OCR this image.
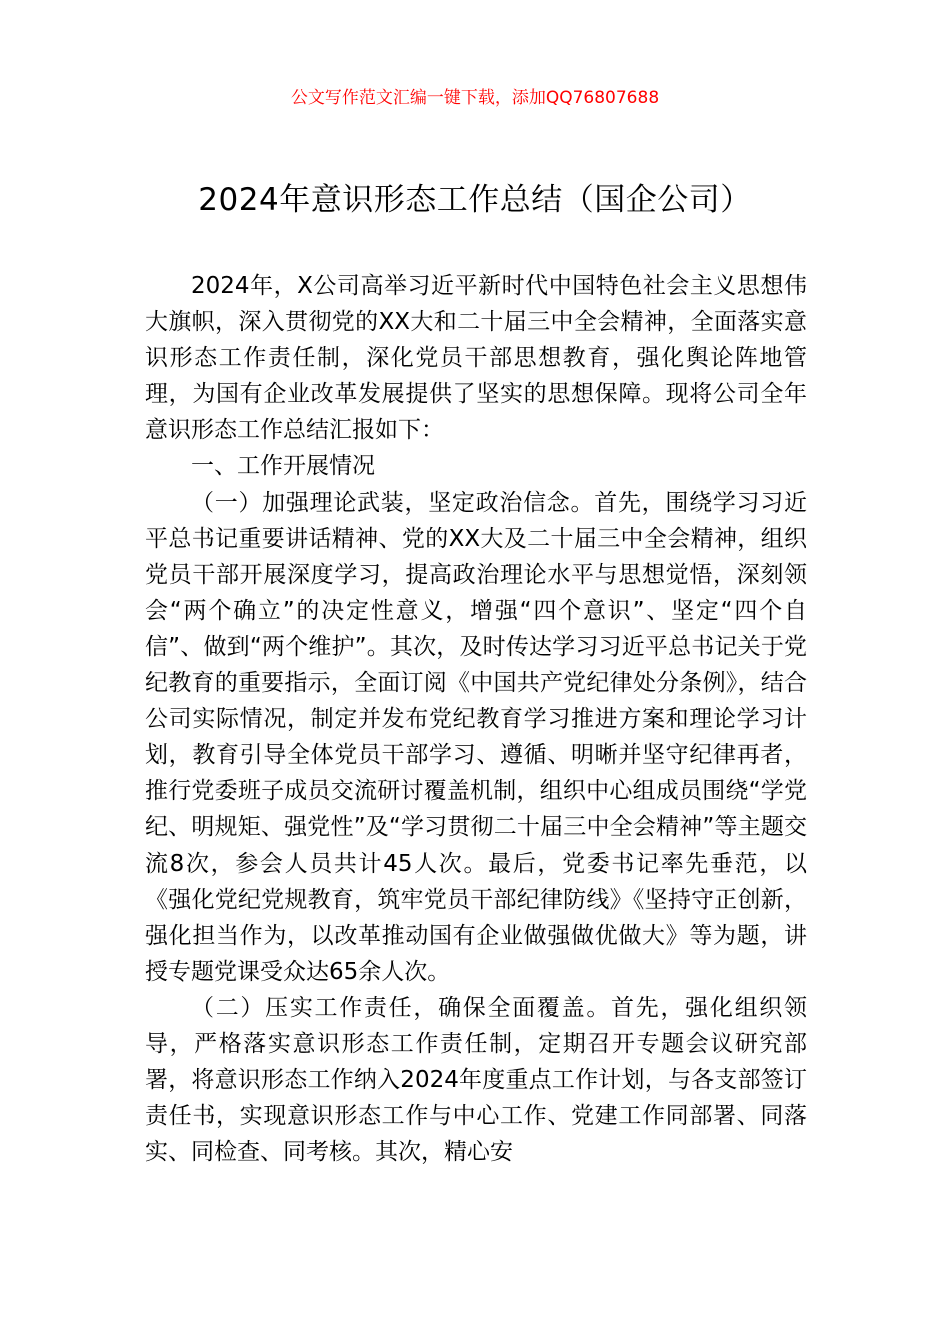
公文写作范文汇编一键下载，添加QQ76807688
2024年意识形态工作总结（国企公司）

2024年，X公司高举习近平新时代中国特色社会主义思想伟大旗帜，深入贯彻党的XX大和二十届三中全会精神，全面落实意识形态工作责任制，深化党员干部思想教育，强化舆论阵地管理，为国有企业改革发展提供了坚实的思想保障。现将公司全年意识形态工作总结汇报如下：

一、工作开展情况

（一）加强理论武装，坚定政治信念。首先，围绕学习习近平总书记重要讲话精神、党的XX大及二十届三中全会精神，组织党员干部开展深度学习，提高政治理论水平与思想觉悟，深刻领会“两个确立”的决定性意义，增强“四个意识”、坚定“四个自信”、做到“两个维护”。其次，及时传达学习习近平总书记关于党纪教育的重要指示，全面订阅《中国共产党纪律处分条例》，结合公司实际情况，制定并发布党纪教育学习推进方案和理论学习计划，教育引导全体党员干部学习、遵循、明晰并坚守纪律再者，推行党委班子成员交流研讨覆盖机制，组织中心组成员围绕“学党纪、明规矩、强党性”及“学习贯彻二十届三中全会精神”等主题交流8次，参会人员共计45人次。最后，党委书记率先垂范，以《强化党纪党规教育，筑牢党员干部纪律防线》《坚持守正创新，强化担当作为，以改革推动国有企业做强做优做大》等为题，讲授专题党课受众达65余人次。

（二）压实工作责任，确保全面覆盖。首先，强化组织领导，严格落实意识形态工作责任制，定期召开专题会议研究部署，将意识形态工作纳入2024年度重点工作计划，与各支部签订责任书，实现意识形态工作与中心工作、党建工作同部署、同落实、同检查、同考核。其次，精心安
